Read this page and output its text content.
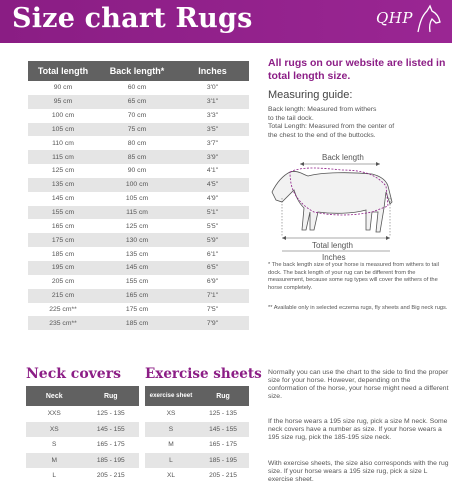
Size chart Rugs	QHP
Total length	Back length*	Inches
90 cm	60 cm	3'0"
95 cm	65 cm	3'1"
100 cm	70 cm	3'3"
105 cm	75 cm	3'5"
110 cm	80 cm	3'7"
115 cm	85 cm	3'9"
125 cm	90 cm	4'1"
135 cm	100 cm	4'5"
145 cm	105 cm	4'9"
155 cm	115 cm	5'1"
165 cm	125 cm	5'5"
175 cm	130 cm	5'9"
185 cm	135 cm	6'1"
195 cm	145 cm	6'5"
205 cm	155 cm	6'9"
215 cm	165 cm	7'1"
225 cm**	175 cm	7'5"
235 cm**	185 cm	7'9"
All rugs on our website are listed in total length size.
Measuring guide:
Back length: Measured from withers
to the tail dock.
Total Length: Measured from the center of
the chest to the end of the buttocks.
Back length
Total length
Inches
* The back length size of your horse is measured from withers to tail dock. The back length of your rug can be different from the measurement, because some rug types will cover the withers of the horse completely.
** Available only in selected eczema rugs, fly sheets and Big neck rugs.
Neck covers Exercise sheets
Neck	Rug
XXS	125 - 135
XS	145 - 155
S	165 - 175
M	185 - 195
L	205 - 215
exercise sheet	Rug
XS	125 - 135
S	145 - 155
M	165 - 175
L	185 - 195
XL	205 - 215
Normally you can use the chart to the side to find the proper size for your horse. However, depending on the conformation of the horse, your horse might need a different size.
If the horse wears a 195 size rug, pick a size M neck. Some neck covers have a number as size. If your horse wears a 195 size rug, pick the 185-195 size neck.
With exercise sheets, the size also corresponds with the rug size. If your horse wears a 195 size rug, pick a size L exercise sheet.
